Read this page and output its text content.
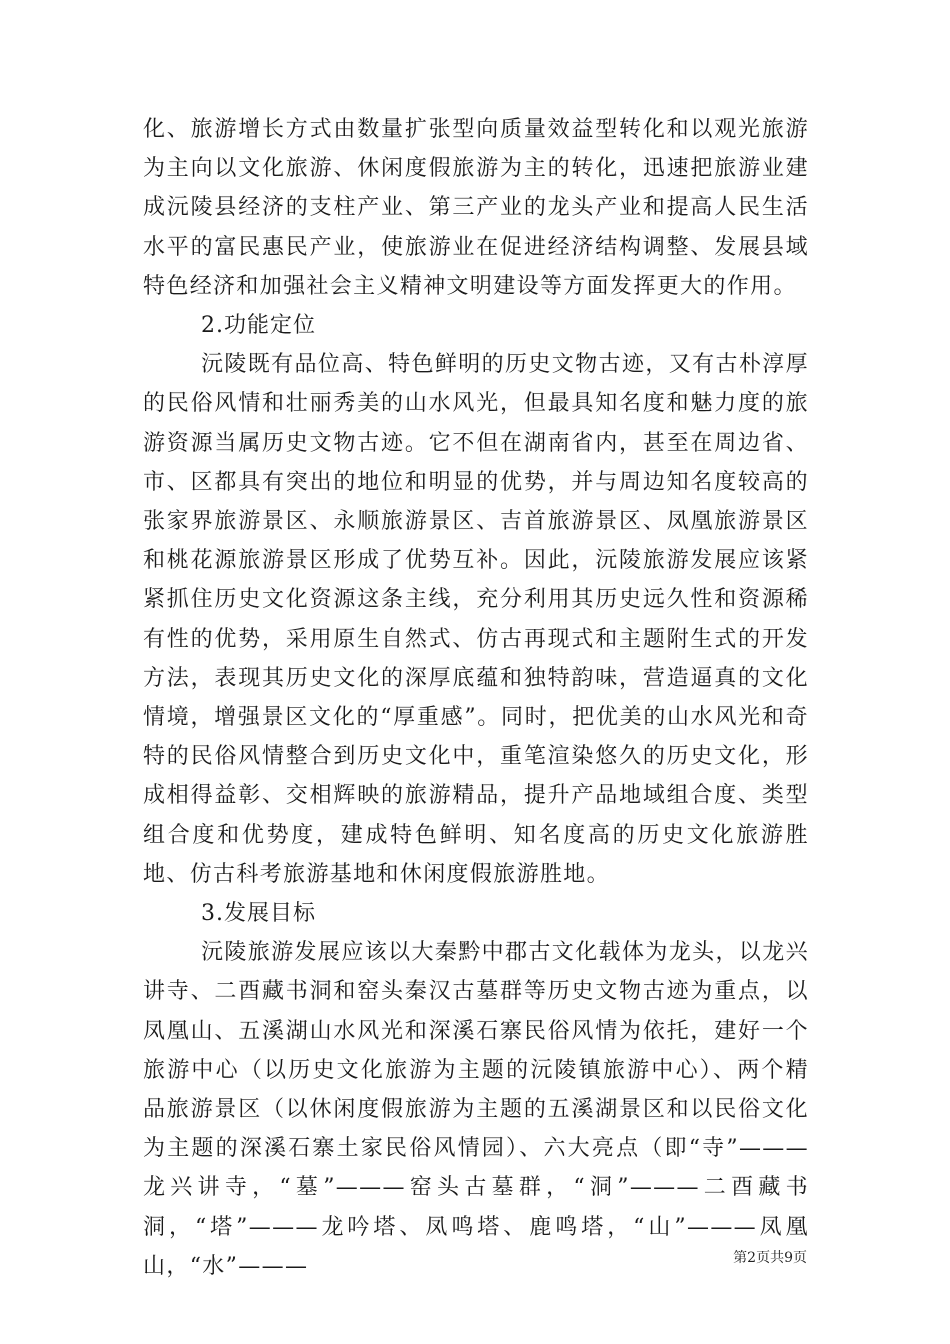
化、旅游增长方式由数量扩张型向质量效益型转化和以观光旅游为主向以文化旅游、休闲度假旅游为主的转化，迅速把旅游业建成沅陵县经济的支柱产业、第三产业的龙头产业和提高人民生活水平的富民惠民产业，使旅游业在促进经济结构调整、发展县域特色经济和加强社会主义精神文明建设等方面发挥更大的作用。

2.功能定位

沅陵既有品位高、特色鲜明的历史文物古迹，又有古朴淳厚的民俗风情和壮丽秀美的山水风光，但最具知名度和魅力度的旅游资源当属历史文物古迹。它不但在湖南省内，甚至在周边省、市、区都具有突出的地位和明显的优势，并与周边知名度较高的张家界旅游景区、永顺旅游景区、吉首旅游景区、凤凰旅游景区和桃花源旅游景区形成了优势互补。因此，沅陵旅游发展应该紧紧抓住历史文化资源这条主线，充分利用其历史远久性和资源稀有性的优势，采用原生自然式、仿古再现式和主题附生式的开发方法，表现其历史文化的深厚底蕴和独特韵味，营造逼真的文化情境，增强景区文化的“厚重感”。同时，把优美的山水风光和奇特的民俗风情整合到历史文化中，重笔渲染悠久的历史文化，形成相得益彰、交相辉映的旅游精品，提升产品地域组合度、类型组合度和优势度，建成特色鲜明、知名度高的历史文化旅游胜地、仿古科考旅游基地和休闲度假旅游胜地。

3.发展目标

沅陵旅游发展应该以大秦黔中郡古文化载体为龙头，以龙兴讲寺、二酉藏书洞和窑头秦汉古墓群等历史文物古迹为重点，以凤凰山、五溪湖山水风光和深溪石寨民俗风情为依托，建好一个旅游中心（以历史文化旅游为主题的沅陵镇旅游中心）、两个精品旅游景区（以休闲度假旅游为主题的五溪湖景区和以民俗文化为主题的深溪石寨土家民俗风情园）、六大亮点（即“寺”———龙兴讲寺，“墓”———窑头古墓群，“洞”———二酉藏书洞，“塔”———龙吟塔、凤鸣塔、鹿鸣塔，“山”———凤凰山，“水”———	第2页共9页
